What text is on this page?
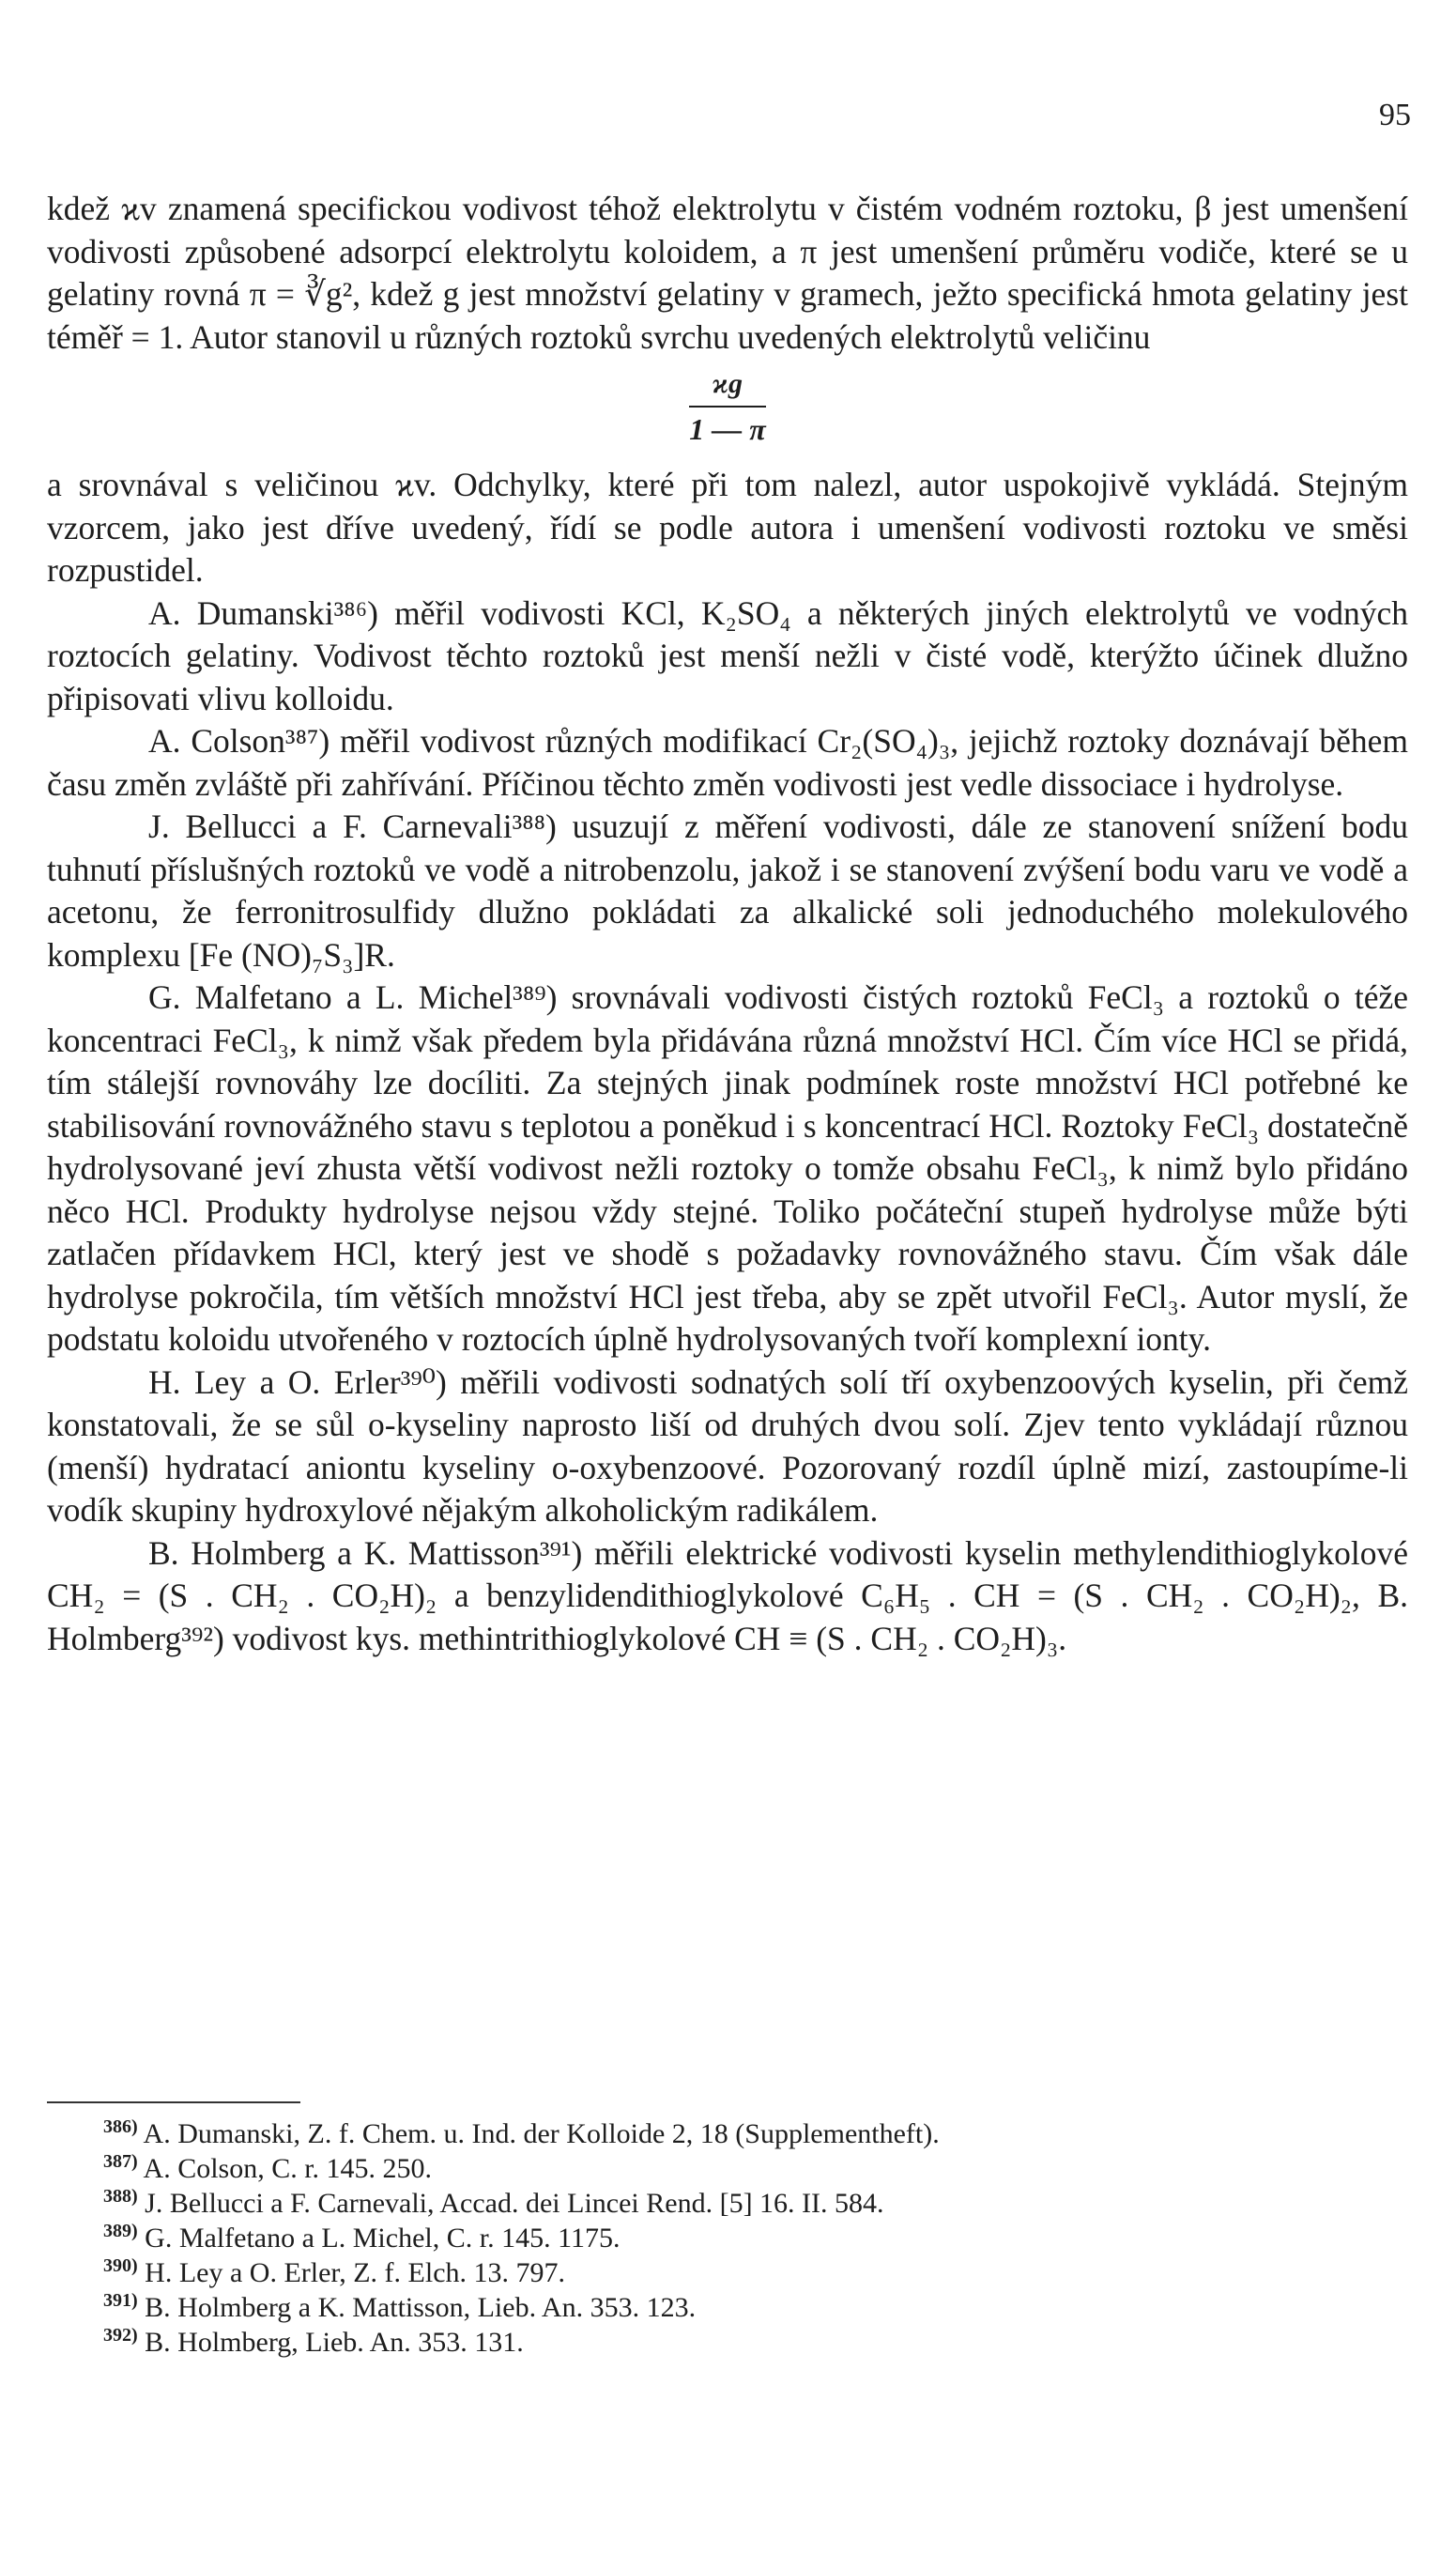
95

kdež ϰv znamená specifickou vodivost téhož elektrolytu v čistém vodném roztoku, β jest umenšení vodivosti způsobené adsorpcí elektrolytu koloidem, a π jest umenšení průměru vodiče, které se u gelatiny rovná π = ∛g², kdež g jest množství gelatiny v gramech, ježto specifická hmota gelatiny jest téměř = 1. Autor stanovil u různých roztoků svrchu uvedených elektrolytů veličinu

$\frac{ϰg}{1 — \pi}$

a srovnával s veličinou ϰv. Odchylky, které při tom nalezl, autor uspokojivě vykládá. Stejným vzorcem, jako jest dříve uvedený, řídí se podle autora i umenšení vodivosti roztoku ve směsi rozpustidel.

A. Dumanski³⁸⁶) měřil vodivosti KCl, K₂SO₄ a některých jiných elektrolytů ve vodných roztocích gelatiny. Vodivost těchto roztoků jest menší nežli v čisté vodě, kterýžto účinek dlužno připisovati vlivu kolloidu.

A. Colson³⁸⁷) měřil vodivost různých modifikací Cr₂(SO₄)₃, jejichž roztoky doznávají během času změn zvláště při zahřívání. Příčinou těchto změn vodivosti jest vedle dissociace i hydrolyse.

J. Bellucci a F. Carnevali³⁸⁸) usuzují z měření vodivosti, dále ze stanovení snížení bodu tuhnutí příslušných roztoků ve vodě a nitrobenzolu, jakož i se stanovení zvýšení bodu varu ve vodě a acetonu, že ferronitrosulfidy dlužno pokládati za alkalické soli jednoduchého molekulového komplexu [Fe (NO)₇S₃]R.

G. Malfetano a L. Michel³⁸⁹) srovnávali vodivosti čistých roztoků FeCl₃ a roztoků o téže koncentraci FeCl₃, k nimž však předem byla přidávána různá množství HCl. Čím více HCl se přidá, tím stálejší rovnováhy lze docíliti. Za stejných jinak podmínek roste množství HCl potřebné ke stabilisování rovnovážného stavu s teplotou a poněkud i s koncentrací HCl. Roztoky FeCl₃ dostatečně hydrolysované jeví zhusta větší vodivost nežli roztoky o tomže obsahu FeCl₃, k nimž bylo přidáno něco HCl. Produkty hydrolyse nejsou vždy stejné. Toliko počáteční stupeň hydrolyse může býti zatlačen přídavkem HCl, který jest ve shodě s požadavky rovnovážného stavu. Čím však dále hydrolyse pokročila, tím větších množství HCl jest třeba, aby se zpět utvořil FeCl₃. Autor myslí, že podstatu koloidu utvořeného v roztocích úplně hydrolysovaných tvoří komplexní ionty.

H. Ley a O. Erler³⁹⁰) měřili vodivosti sodnatých solí tří oxybenzoových kyselin, při čemž konstatovali, že se sůl o-kyseliny naprosto liší od druhých dvou solí. Zjev tento vykládají různou (menší) hydratací aniontu kyseliny o-oxybenzoové. Pozorovaný rozdíl úplně mizí, zastoupíme-li vodík skupiny hydroxylové nějakým alkoholickým radikálem.

B. Holmberg a K. Mattisson³⁹¹) měřili elektrické vodivosti kyselin methylendithioglykolové CH₂ = (S . CH₂ . CO₂H)₂ a benzylidendithioglykolové C₆H₅ . CH = (S . CH₂ . CO₂H)₂, B. Holmberg³⁹²) vodivost kys. methintrithioglykolové CH ≡ (S . CH₂ . CO₂H)₃.

$^{386)}$ A. Dumanski, Z. f. Chem. u. Ind. der Kolloide 2, 18 (Supplementheft).

$^{387)}$ A. Colson, C. r. 145. 250.

$^{388)}$ J. Bellucci a F. Carnevali, Accad. dei Lincei Rend. [5] 16. II. 584.

$^{389)}$ G. Malfetano a L. Michel, C. r. 145. 1175.

$^{390)}$ H. Ley a O. Erler, Z. f. Elch. 13. 797.

$^{391)}$ B. Holmberg a K. Mattisson, Lieb. An. 353. 123.

$^{392)}$ B. Holmberg, Lieb. An. 353. 131.
